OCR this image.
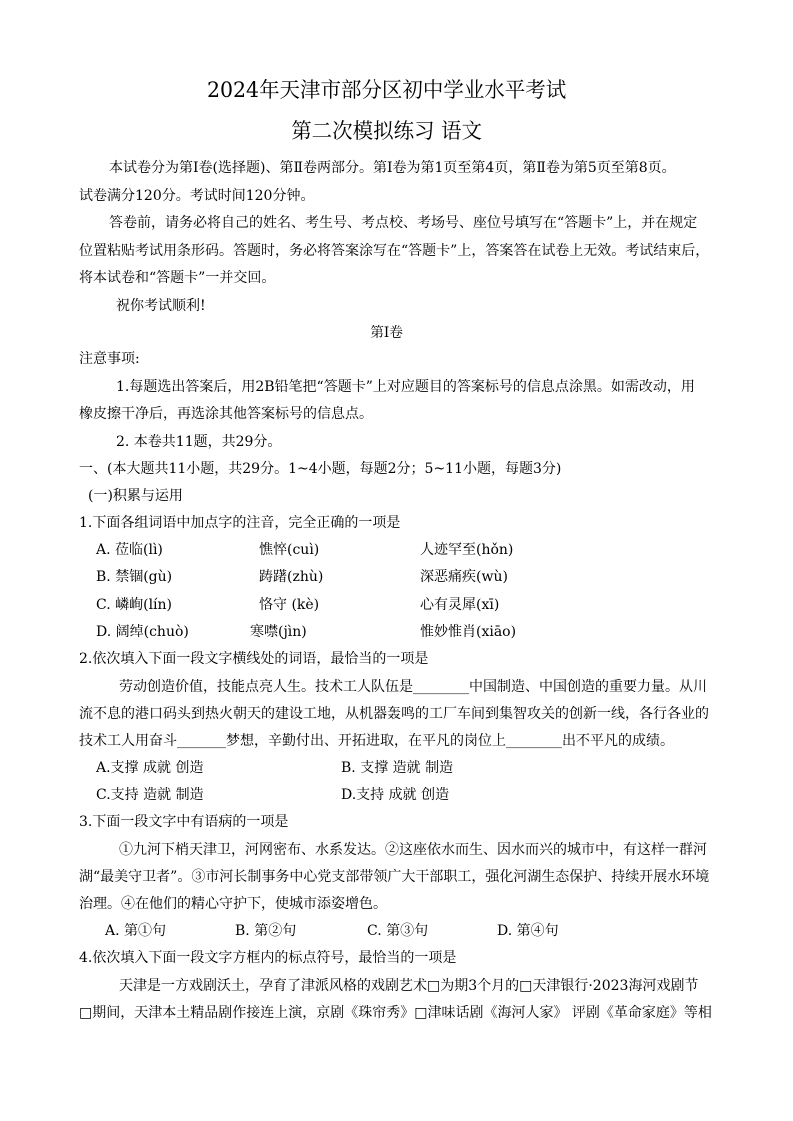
2024年天津市部分区初中学业水平考试
第二次模拟练习 语文
本试卷分为第Ⅰ卷(选择题)、第Ⅱ卷两部分。第Ⅰ卷为第1页至第4页，第Ⅱ卷为第5页至第8页。
试卷满分120分。考试时间120分钟。
答卷前，请务必将自己的姓名、考生号、考点校、考场号、座位号填写在“答题卡”上，并在规定
位置粘贴考试用条形码。答题时，务必将答案涂写在“答题卡”上，答案答在试卷上无效。考试结束后，
将本试卷和“答题卡”一并交回。
祝你考试顺利!
第Ⅰ卷
注意事项:
1.每题选出答案后，用2B铅笔把“答题卡”上对应题目的答案标号的信息点涂黑。如需改动，用
橡皮擦干净后，再选涂其他答案标号的信息点。
2. 本卷共11题，共29分。
一、(本大题共11小题，共29分。1~4小题，每题2分；5~11小题，每题3分)
(一)积累与运用
1.下面各组词语中加点字的注音，完全正确的一项是
A. 莅临(lì)	憔悴(cuì)	人迹罕至(hǒn)
B. 禁锢(gù)	踌躇(zhù)	深恶痛疾(wù)
C. 嶙峋(lín)	恪守 (kè)	心有灵犀(xī)
D. 阔绰(chuò)	寒噤(jìn)	惟妙惟肖(xiāo)
2.依次填入下面一段文字横线处的词语，最恰当的一项是
劳动创造价值，技能点亮人生。技术工人队伍是________中国制造、中国创造的重要力量。从川
流不息的港口码头到热火朝天的建设工地，从机器轰鸣的工厂车间到集智攻关的创新一线，各行各业的
技术工人用奋斗_______梦想，辛勤付出、开拓进取，在平凡的岗位上________出不平凡的成绩。
A.支撑 成就 创造	B. 支撑 造就 制造
C.支持 造就 制造	D.支持 成就 创造
3.下面一段文字中有语病的一项是
①九河下梢天津卫，河网密布、水系发达。②这座依水而生、因水而兴的城市中，有这样一群河
湖“最美守卫者”。③市河长制事务中心党支部带领广大干部职工，强化河湖生态保护、持续开展水环境
治理。④在他们的精心守护下，使城市添姿增色。
A. 第①句	B. 第②句	C. 第③句	D. 第④句
4.依次填入下面一段文字方框内的标点符号，最恰当的一项是
天津是一方戏剧沃土，孕育了津派风格的戏剧艺术□为期3个月的□天津银行·2023海河戏剧节
□期间，天津本土精品剧作接连上演，京剧《珠帘秀》□津味话剧《海河人家》 评剧《革命家庭》等相
